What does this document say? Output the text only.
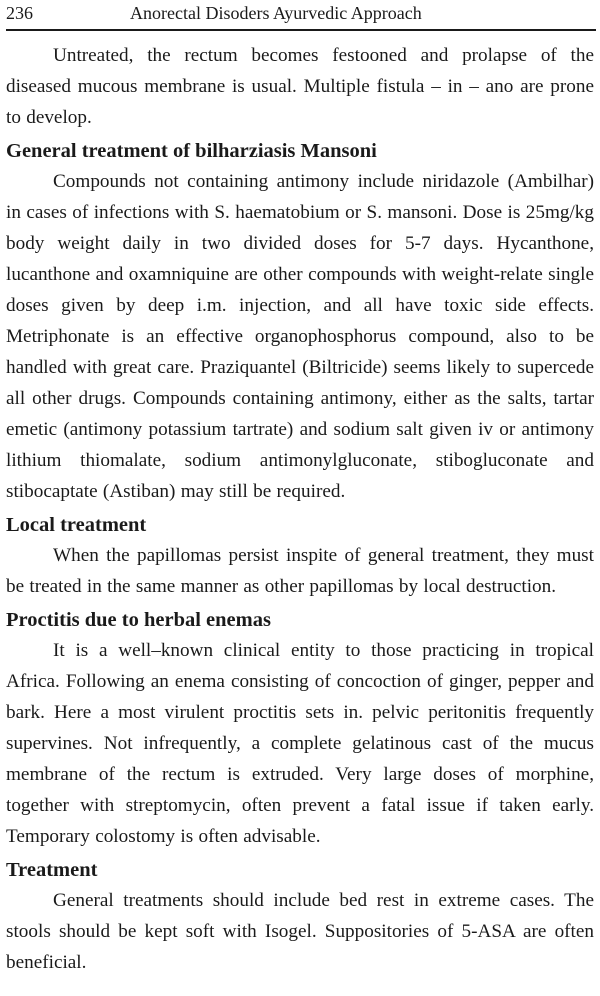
236	Anorectal Disoders Ayurvedic Approach

Untreated, the rectum becomes festooned and prolapse of the diseased mucous membrane is usual. Multiple fistula – in – ano are prone to develop.

General treatment of bilharziasis Mansoni

Compounds not containing antimony include niridazole (Ambilhar) in cases of infections with S. haematobium or S. mansoni. Dose is 25mg/kg body weight daily in two divided doses for 5-7 days. Hycanthone, lucanthone and oxamniquine are other compounds with weight-relate single doses given by deep i.m. injection, and all have toxic side effects. Metriphonate is an effective organophosphorus compound, also to be handled with great care. Praziquantel (Biltricide) seems likely to supercede all other drugs. Compounds containing antimony, either as the salts, tartar emetic (antimony potassium tartrate) and sodium salt given iv or antimony lithium thiomalate, sodium antimonylgluconate, stibogluconate and stibocaptate (Astiban) may still be required.

Local treatment

When the papillomas persist inspite of general treatment, they must be treated in the same manner as other papillomas by local destruction.

Proctitis due to herbal enemas

It is a well–known clinical entity to those practicing in tropical Africa. Following an enema consisting of concoction of ginger, pepper and bark. Here a most virulent proctitis sets in. pelvic peritonitis frequently supervines. Not infrequently, a complete gelatinous cast of the mucus membrane of the rectum is extruded. Very large doses of morphine, together with streptomycin, often prevent a fatal issue if taken early. Temporary colostomy is often advisable.

Treatment

General treatments should include bed rest in extreme cases. The stools should be kept soft with Isogel. Suppositories of 5-ASA are often beneficial.
